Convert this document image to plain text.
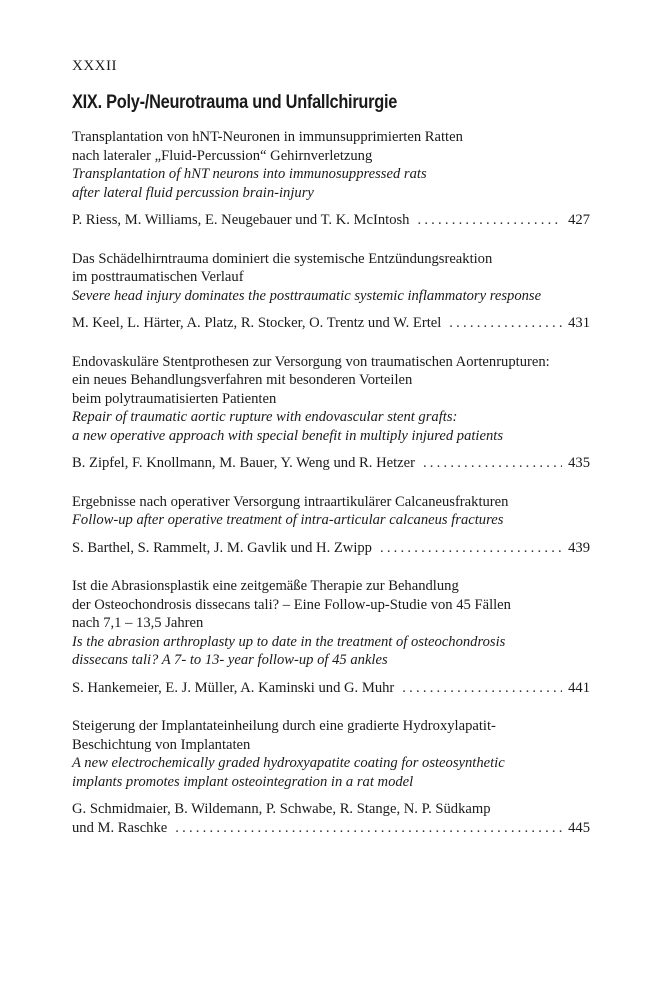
XXXII
XIX. Poly-/Neurotrauma und Unfallchirurgie
Transplantation von hNT-Neuronen in immunsupprimierten Ratten
nach lateraler „Fluid-Percussion“ Gehirnverletzung
Transplantation of hNT neurons into immunosuppressed rats
after lateral fluid percussion brain-injury
P. Riess, M. Williams, E. Neugebauer und T. K. McIntosh .....	427
Das Schädelhirntrauma dominiert die systemische Entzündungsreaktion
im posttraumatischen Verlauf
Severe head injury dominates the posttraumatic systemic inflammatory response
M. Keel, L. Härter, A. Platz, R. Stocker, O. Trentz und W. Ertel .....	431
Endovaskuläre Stentprothesen zur Versorgung von traumatischen Aortenrupturen:
ein neues Behandlungsverfahren mit besonderen Vorteilen
beim polytraumatisierten Patienten
Repair of traumatic aortic rupture with endovascular stent grafts:
a new operative approach with special benefit in multiply injured patients
B. Zipfel, F. Knollmann, M. Bauer, Y. Weng und R. Hetzer .....	435
Ergebnisse nach operativer Versorgung intraartikulärer Calcaneusfrakturen
Follow-up after operative treatment of intra-articular calcaneus fractures
S. Barthel, S. Rammelt, J. M. Gavlik und H. Zwipp .....	439
Ist die Abrasionsplastik eine zeitgemäße Therapie zur Behandlung
der Osteochondrosis dissecans tali? – Eine Follow-up-Studie von 45 Fällen
nach 7,1 – 13,5 Jahren
Is the abrasion arthroplasty up to date in the treatment of osteochondrosis
dissecans tali? A 7- to 13- year follow-up of 45 ankles
S. Hankemeier, E. J. Müller, A. Kaminski und G. Muhr .....	441
Steigerung der Implantateinheilung durch eine gradierte Hydroxylapatit-
Beschichtung von Implantaten
A new electrochemically graded hydroxyapatite coating for osteosynthetic
implants promotes implant osteointegration in a rat model
G. Schmidmaier, B. Wildemann, P. Schwabe, R. Stange, N. P. Südkamp
und M. Raschke .....	445
